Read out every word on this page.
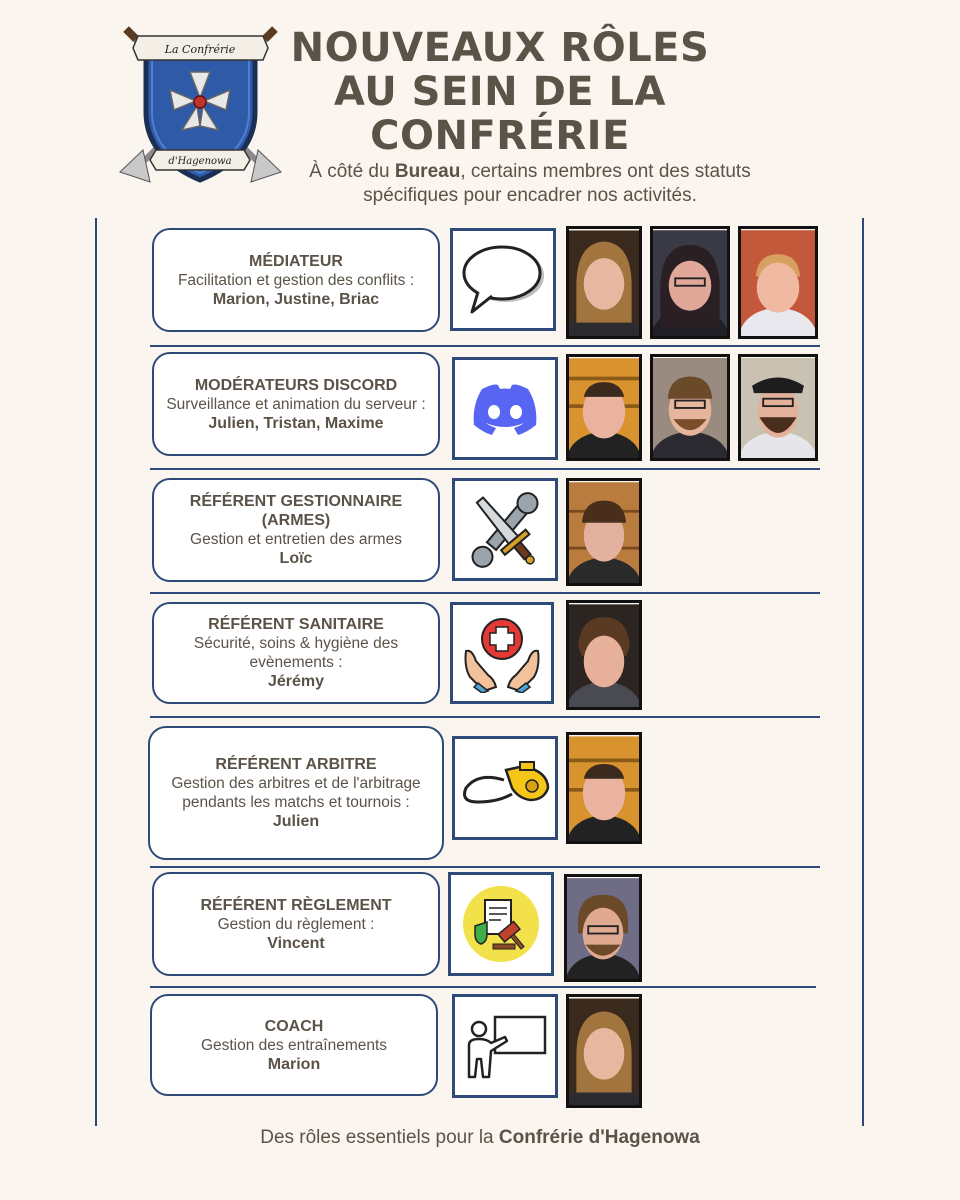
La Confrérie
d'Hagenowa
NOUVEAUX RÔLES
AU SEIN DE LA
CONFRÉRIE
À côté du Bureau, certains membres ont des statuts spécifiques pour encadrer nos activités.
MÉDIATEUR
Facilitation et gestion des conflits :
Marion, Justine, Briac
MODÉRATEURS DISCORD
Surveillance et animation du serveur :
Julien, Tristan, Maxime
RÉFÉRENT GESTIONNAIRE (ARMES)
Gestion et entretien des armes
Loïc
RÉFÉRENT SANITAIRE
Sécurité, soins & hygiène des evènements :
Jérémy
RÉFÉRENT ARBITRE
Gestion des arbitres et de l'arbitrage pendants les matchs et tournois :
Julien
RÉFÉRENT RÈGLEMENT
Gestion du règlement :
Vincent
COACH
Gestion des entraînements
Marion
Des rôles essentiels pour la Confrérie d'Hagenowa
